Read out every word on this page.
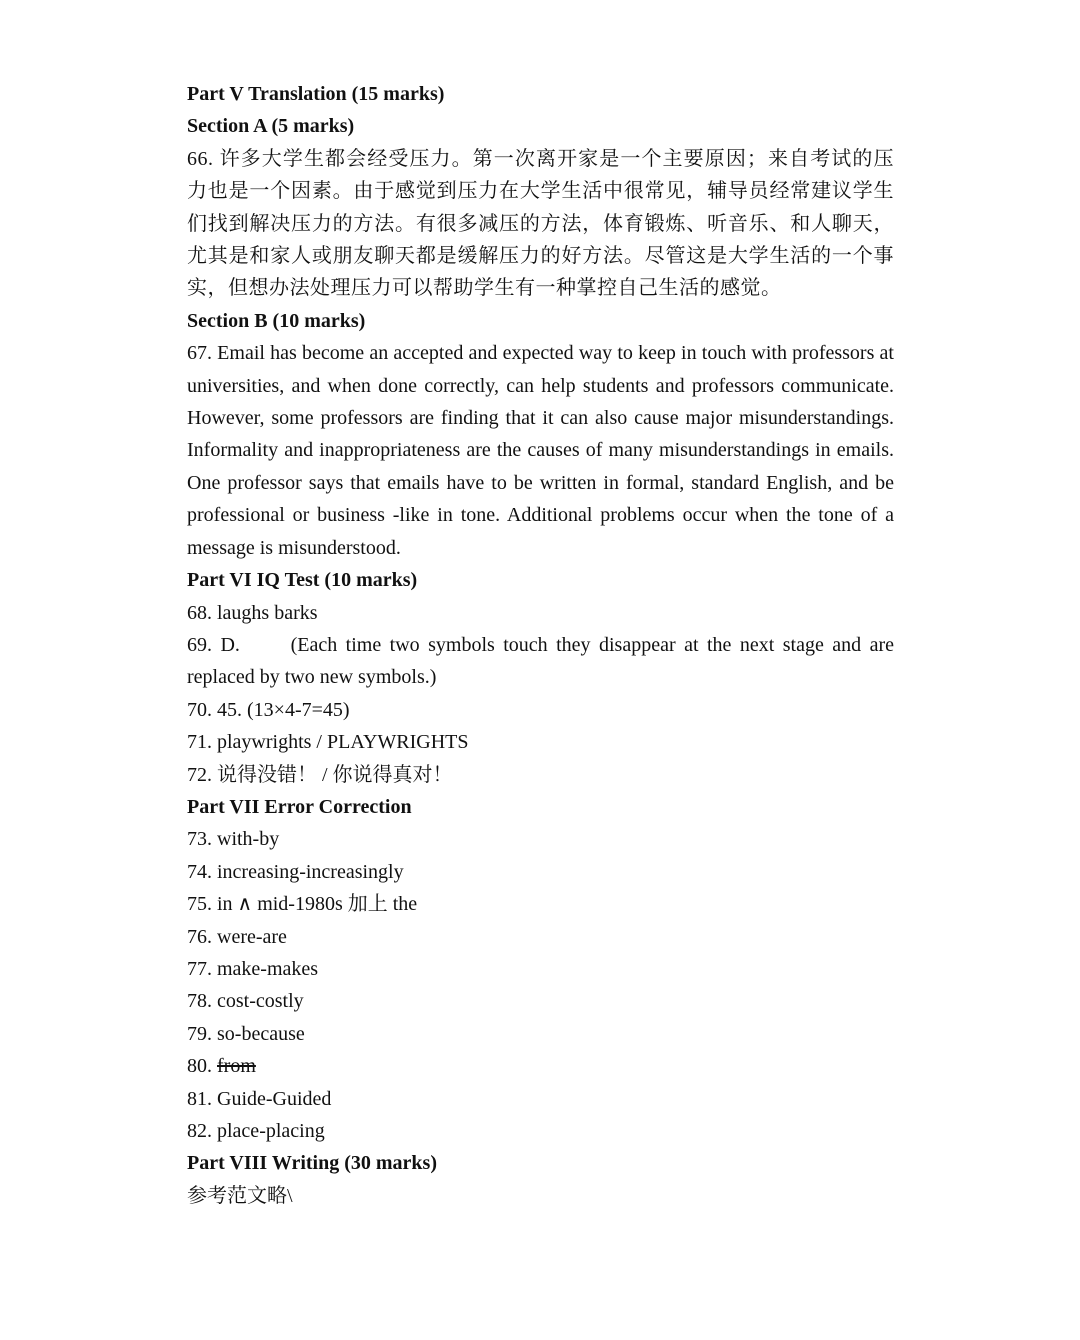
Part V Translation (15 marks)
Section A (5 marks)
66. 许多大学生都会经受压力。第一次离开家是一个主要原因；来自考试的压力也是一个因素。由于感觉到压力在大学生活中很常见，辅导员经常建议学生们找到解决压力的方法。有很多减压的方法，体育锻炼、听音乐、和人聊天，尤其是和家人或朋友聊天都是缓解压力的好方法。尽管这是大学生活的一个事实，但想办法处理压力可以帮助学生有一种掌控自己生活的感觉。
Section B (10 marks)
67. Email has become an accepted and expected way to keep in touch with professors at universities, and when done correctly, can help students and professors communicate. However, some professors are finding that it can also cause major misunderstandings. Informality and inappropriateness are the causes of many misunderstandings in emails. One professor says that emails have to be written in formal, standard English, and be professional or business -like in tone. Additional problems occur when the tone of a message is misunderstood.
Part VI IQ Test (10 marks)
68. laughs barks
69. D.	(Each time two symbols touch they disappear at the next stage and are replaced by two new symbols.)
70. 45. (13×4-7=45)
71. playwrights / PLAYWRIGHTS
72. 说得没错！ / 你说得真对！
Part VII Error Correction
73. with-by
74. increasing-increasingly
75. in ∧ mid-1980s 加上 the
76. were-are
77. make-makes
78. cost-costly
79. so-because
80. from
81. Guide-Guided
82. place-placing
Part VIII Writing (30 marks)
参考范文略\
